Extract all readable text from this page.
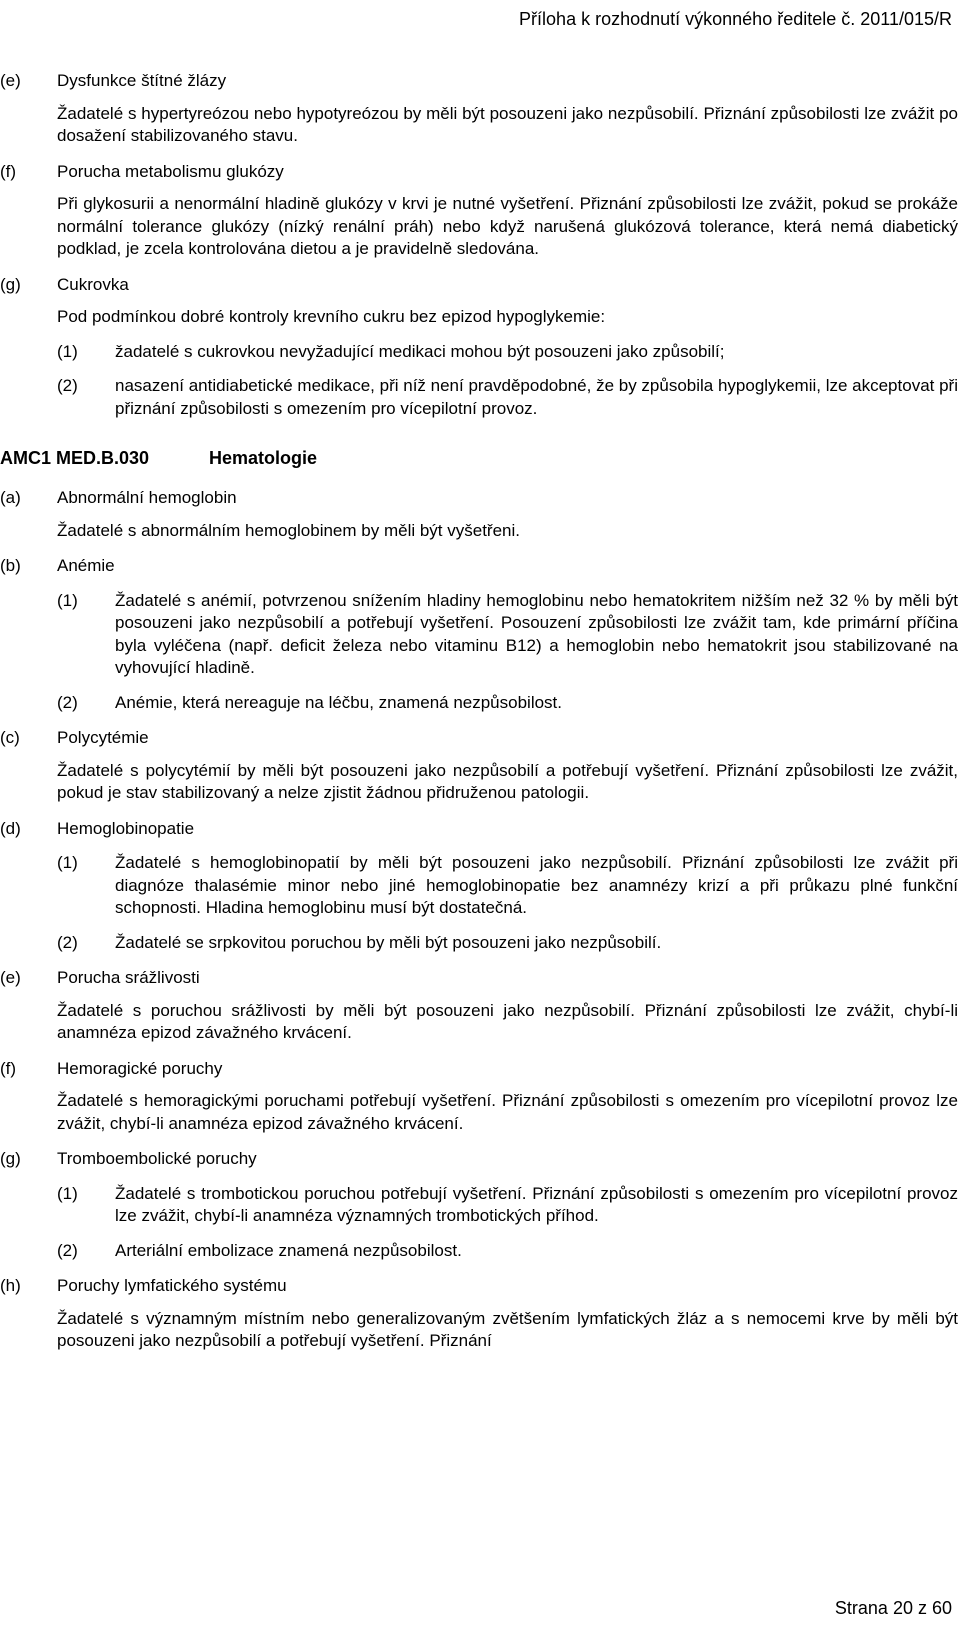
Příloha k rozhodnutí výkonného ředitele č. 2011/015/R
(e) Dysfunkce štítné žlázy
Žadatelé s hypertyreózou nebo hypotyreózou by měli být posouzeni jako nezpůsobilí. Přiznání způsobilosti lze zvážit po dosažení stabilizovaného stavu.
(f) Porucha metabolismu glukózy
Při glykosurii a nenormální hladině glukózy v krvi je nutné vyšetření. Přiznání způsobilosti lze zvážit, pokud se prokáže normální tolerance glukózy (nízký renální práh) nebo když narušená glukózová tolerance, která nemá diabetický podklad, je zcela kontrolována dietou a je pravidelně sledována.
(g) Cukrovka
Pod podmínkou dobré kontroly krevního cukru bez epizod hypoglykemie:
(1) žadatelé s cukrovkou nevyžadující medikaci mohou být posouzeni jako způsobilí;
(2) nasazení antidiabetické medikace, při níž není pravděpodobné, že by způsobila hypoglykemii, lze akceptovat při přiznání způsobilosti s omezením pro vícepilotní provoz.
AMC1 MED.B.030	Hematologie
(a) Abnormální hemoglobin
Žadatelé s abnormálním hemoglobinem by měli být vyšetřeni.
(b) Anémie
(1) Žadatelé s anémií, potvrzenou snížením hladiny hemoglobinu nebo hematokritem nižším než 32 % by měli být posouzeni jako nezpůsobilí a potřebují vyšetření. Posouzení způsobilosti lze zvážit tam, kde primární příčina byla vyléčena (např. deficit železa nebo vitaminu B12) a hemoglobin nebo hematokrit jsou stabilizované na vyhovující hladině.
(2) Anémie, která nereaguje na léčbu, znamená nezpůsobilost.
(c) Polycytémie
Žadatelé s polycytémií by měli být posouzeni jako nezpůsobilí a potřebují vyšetření. Přiznání způsobilosti lze zvážit, pokud je stav stabilizovaný a nelze zjistit žádnou přidruženou patologii.
(d) Hemoglobinopatie
(1) Žadatelé s hemoglobinopatií by měli být posouzeni jako nezpůsobilí. Přiznání způsobilosti lze zvážit při diagnóze thalasémie minor nebo jiné hemoglobinopatie bez anamnézy krizí a při průkazu plné funkční schopnosti. Hladina hemoglobinu musí být dostatečná.
(2) Žadatelé se srpkovitou poruchou by měli být posouzeni jako nezpůsobilí.
(e) Porucha srážlivosti
Žadatelé s poruchou srážlivosti by měli být posouzeni jako nezpůsobilí. Přiznání způsobilosti lze zvážit, chybí-li anamnéza epizod závažného krvácení.
(f) Hemoragické poruchy
Žadatelé s hemoragickými poruchami potřebují vyšetření. Přiznání způsobilosti s omezením pro vícepilotní provoz lze zvážit, chybí-li anamnéza epizod závažného krvácení.
(g) Tromboembolické poruchy
(1) Žadatelé s trombotickou poruchou potřebují vyšetření. Přiznání způsobilosti s omezením pro vícepilotní provoz lze zvážit, chybí-li anamnéza významných trombotických příhod.
(2) Arteriální embolizace znamená nezpůsobilost.
(h) Poruchy lymfatického systému
Žadatelé s významným místním nebo generalizovaným zvětšením lymfatických žláz a s nemocemi krve by měli být posouzeni jako nezpůsobilí a potřebují vyšetření. Přiznání
Strana 20 z 60
